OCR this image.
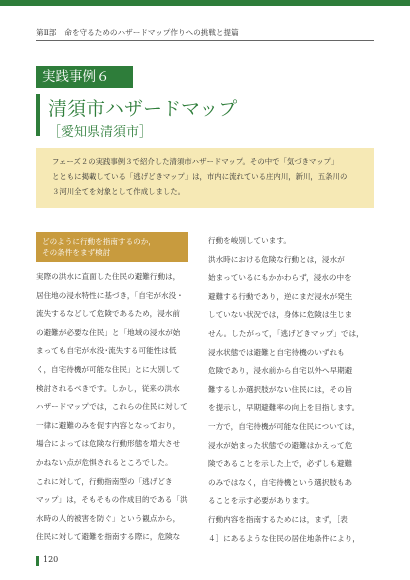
第Ⅱ部 命を守るためのハザードマップ作りへの挑戦と提篇
実践事例６
清須市ハザードマップ
［愛知県清須市］

フェーズ２の実践事例３で紹介した清須市ハザードマップ。その中で「気づきマップ」

とともに掲載している「逃げどきマップ」は，市内に流れている庄内川，新川，五条川の

３河川全てを対象として作成しました。

どのように行動を指南するのか，
その条件をまず検討

実際の洪水に直面した住民の避難行動は，

居住地の浸水特性に基づき，「自宅が水没・

流失するなどして危険であるため，浸水前

の避難が必要な住民」と「地域の浸水が始

まっても自宅が水没･流失する可能性は低

く，自宅待機が可能な住民」とに大別して

検討されるべきです。しかし，従来の洪水

ハザードマップでは，これらの住民に対して

一律に避難のみを促す内容となっており，

場合によっては危険な行動形態を増大させ

かねない点が危惧されるところでした。

これに対して，行動指南型の「逃げどき

マップ」は，そもそもの作成目的である「洪

水時の人的被害を防ぐ」という観点から，

住民に対して避難を指南する際に，危険な

行動を峻別しています。

洪水時における危険な行動とは，浸水が

始まっているにもかかわらず，浸水の中を

避難する行動であり，逆にまだ浸水が発生

していない状況では，身体に危険は生じま

せん。したがって，「逃げどきマップ」では，

浸水状態では避難と自宅待機のいずれも

危険であり，浸水前から自宅以外へ早期避

難するしか選択肢がない住民には，その旨

を提示し，早期避難率の向上を目指します。

一方で，自宅待機が可能な住民については，

浸水が始まった状態での避難はかえって危

険であることを示した上で，必ずしも避難

のみではなく，自宅待機という選択肢もあ

ることを示す必要があります。

行動内容を指南するためには，まず，［表

４］にあるような住民の居住地条件により，

120
